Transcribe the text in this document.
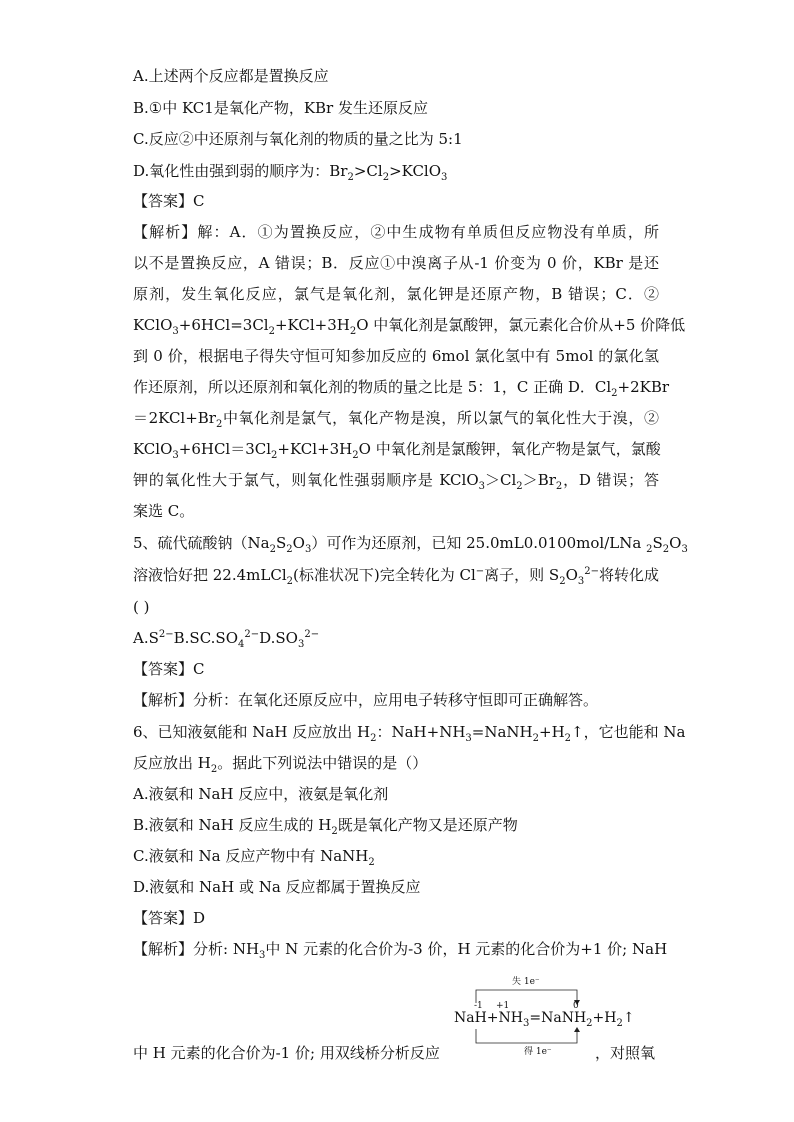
A.上述两个反应都是置换反应
B.①中 KC1是氧化产物，KBr 发生还原反应
C.反应②中还原剂与氧化剂的物质的量之比为 5:1
D.氧化性由强到弱的顺序为：$Br_2>Cl_2>KClO_3$
【答案】C
【解析】解：A．①为置换反应，②中生成物有单质但反应物没有单质，所
以不是置换反应，A 错误；B．反应①中溴离子从-1 价变为 0 价，KBr 是还
原剂，发生氧化反应，氯气是氧化剂，氯化钾是还原产物，B 错误；C．②
$KClO_3+6HCl=3Cl_2+KCl+3H_2O$ 中氧化剂是氯酸钾，氯元素化合价从+5 价降低
到 0 价，根据电子得失守恒可知参加反应的 6mol 氯化氢中有 5mol 的氯化氢
作还原剂，所以还原剂和氧化剂的物质的量之比是 5：1，C 正确 D．$Cl_2+2KBr$
$=2KCl+Br_2$中氧化剂是氯气，氧化产物是溴，所以氯气的氧化性大于溴，②
$KClO_3+6HCl=3Cl_2+KCl+3H_2O$ 中氧化剂是氯酸钾，氧化产物是氯气，氯酸
钾的氧化性大于氯气，则氧化性强弱顺序是 $KClO_3>Cl_2>Br_2$，D 错误；答
案选 C。
5、硫代硫酸钠$(Na_2S_2O_3)$可作为还原剂，已知 25.0mL0.0100mol/LNa $_2S_2O_3$
溶液恰好把 22.4mLCl$_2$(标准状况下)完全转化为 Cl−离子，则 $S_2O_3^{2-}$将转化成
( )
$A.S^{2-}B.SC.SO_4^{2-}D.SO_3^{2-}$
【答案】C
【解析】分析：在氧化还原反应中，应用电子转移守恒即可正确解答。
6、已知液氨能和 NaH 反应放出 $H_2$：$NaH+NH_3=NaNH_2+H_2↑$，它也能和 Na
反应放出 $H_2$。据此下列说法中错误的是（）
A.液氨和 NaH 反应中，液氨是氧化剂
B.液氨和 NaH 反应生成的 $H_2$既是氧化产物又是还原产物
C.液氨和 Na 反应产物中有 NaNH$_2$
D.液氨和 NaH 或 Na 反应都属于置换反应
【答案】D
【解析】分析: $NH_3$中 N 元素的化合价为-3 价，H 元素的化合价为+1 价; NaH
中 H 元素的化合价为-1 价; 用双线桥分析反应	，对照氧
失 1e⁻
-1 +1	0
$NaH+NH_3=NaNH_2+H_2↑$
得 1e⁻
